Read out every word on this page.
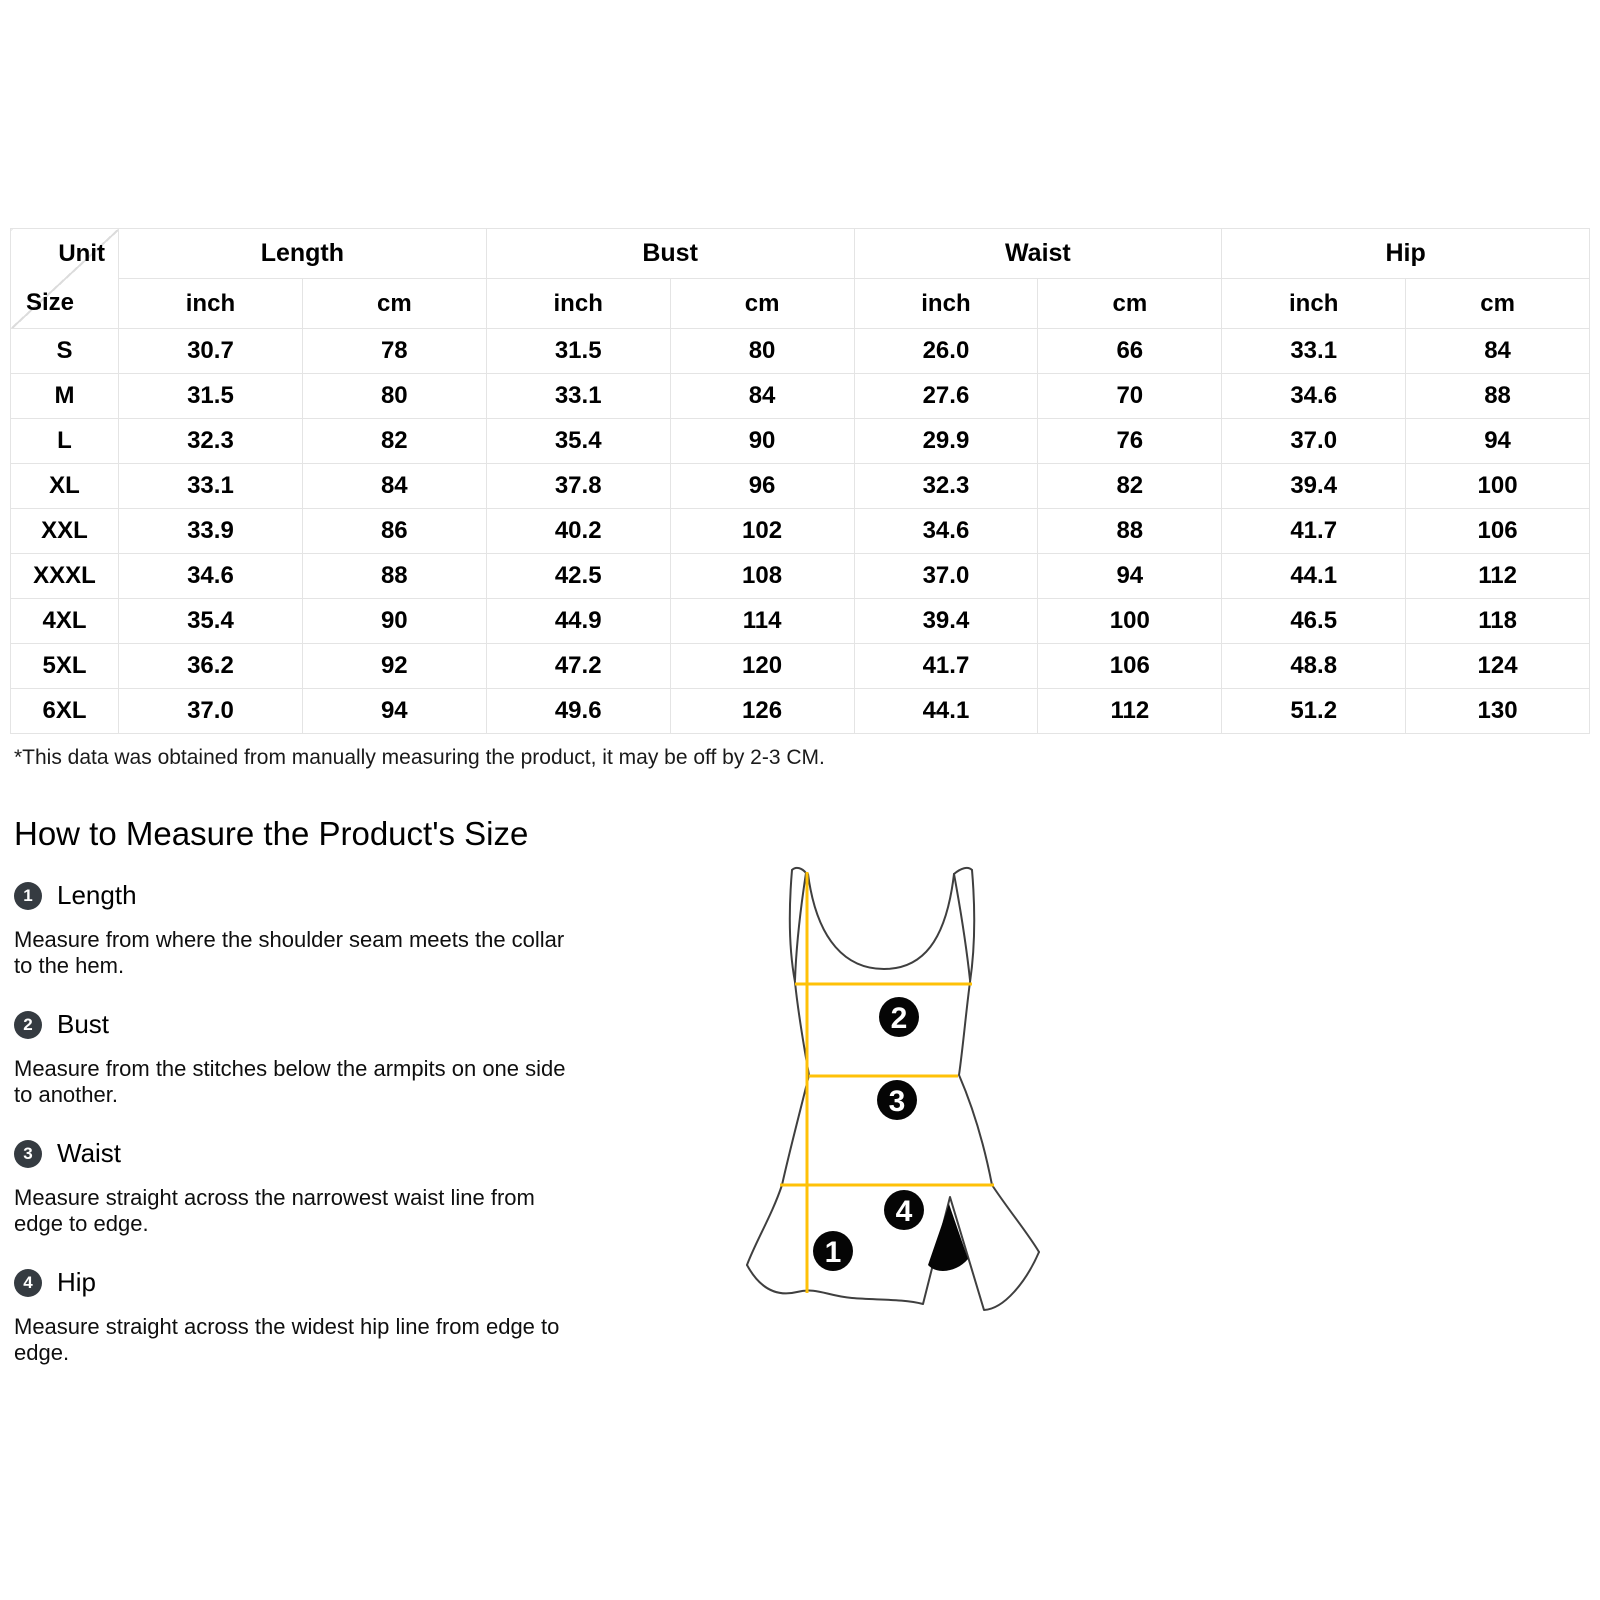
Unit
Size	Length		Bust		Waist		Hip	
	inch	cm	inch	cm	inch	cm	inch	cm
S	30.7	78	31.5	80	26.0	66	33.1	84
M	31.5	80	33.1	84	27.6	70	34.6	88
L	32.3	82	35.4	90	29.9	76	37.0	94
XL	33.1	84	37.8	96	32.3	82	39.4	100
XXL	33.9	86	40.2	102	34.6	88	41.7	106
XXXL	34.6	88	42.5	108	37.0	94	44.1	112
4XL	35.4	90	44.9	114	39.4	100	46.5	118
5XL	36.2	92	47.2	120	41.7	106	48.8	124
6XL	37.0	94	49.6	126	44.1	112	51.2	130
*This data was obtained from manually measuring the product, it may be off by 2-3 CM.
How to Measure the Product's Size
1 Length

Measure from where the shoulder seam meets the collar to the hem.

2 Bust

Measure from the stitches below the armpits on one side to another.

3 Waist

Measure straight across the narrowest waist line from edge to edge.

4 Hip

Measure straight across the widest hip line from edge to edge.

2
3
4
1
